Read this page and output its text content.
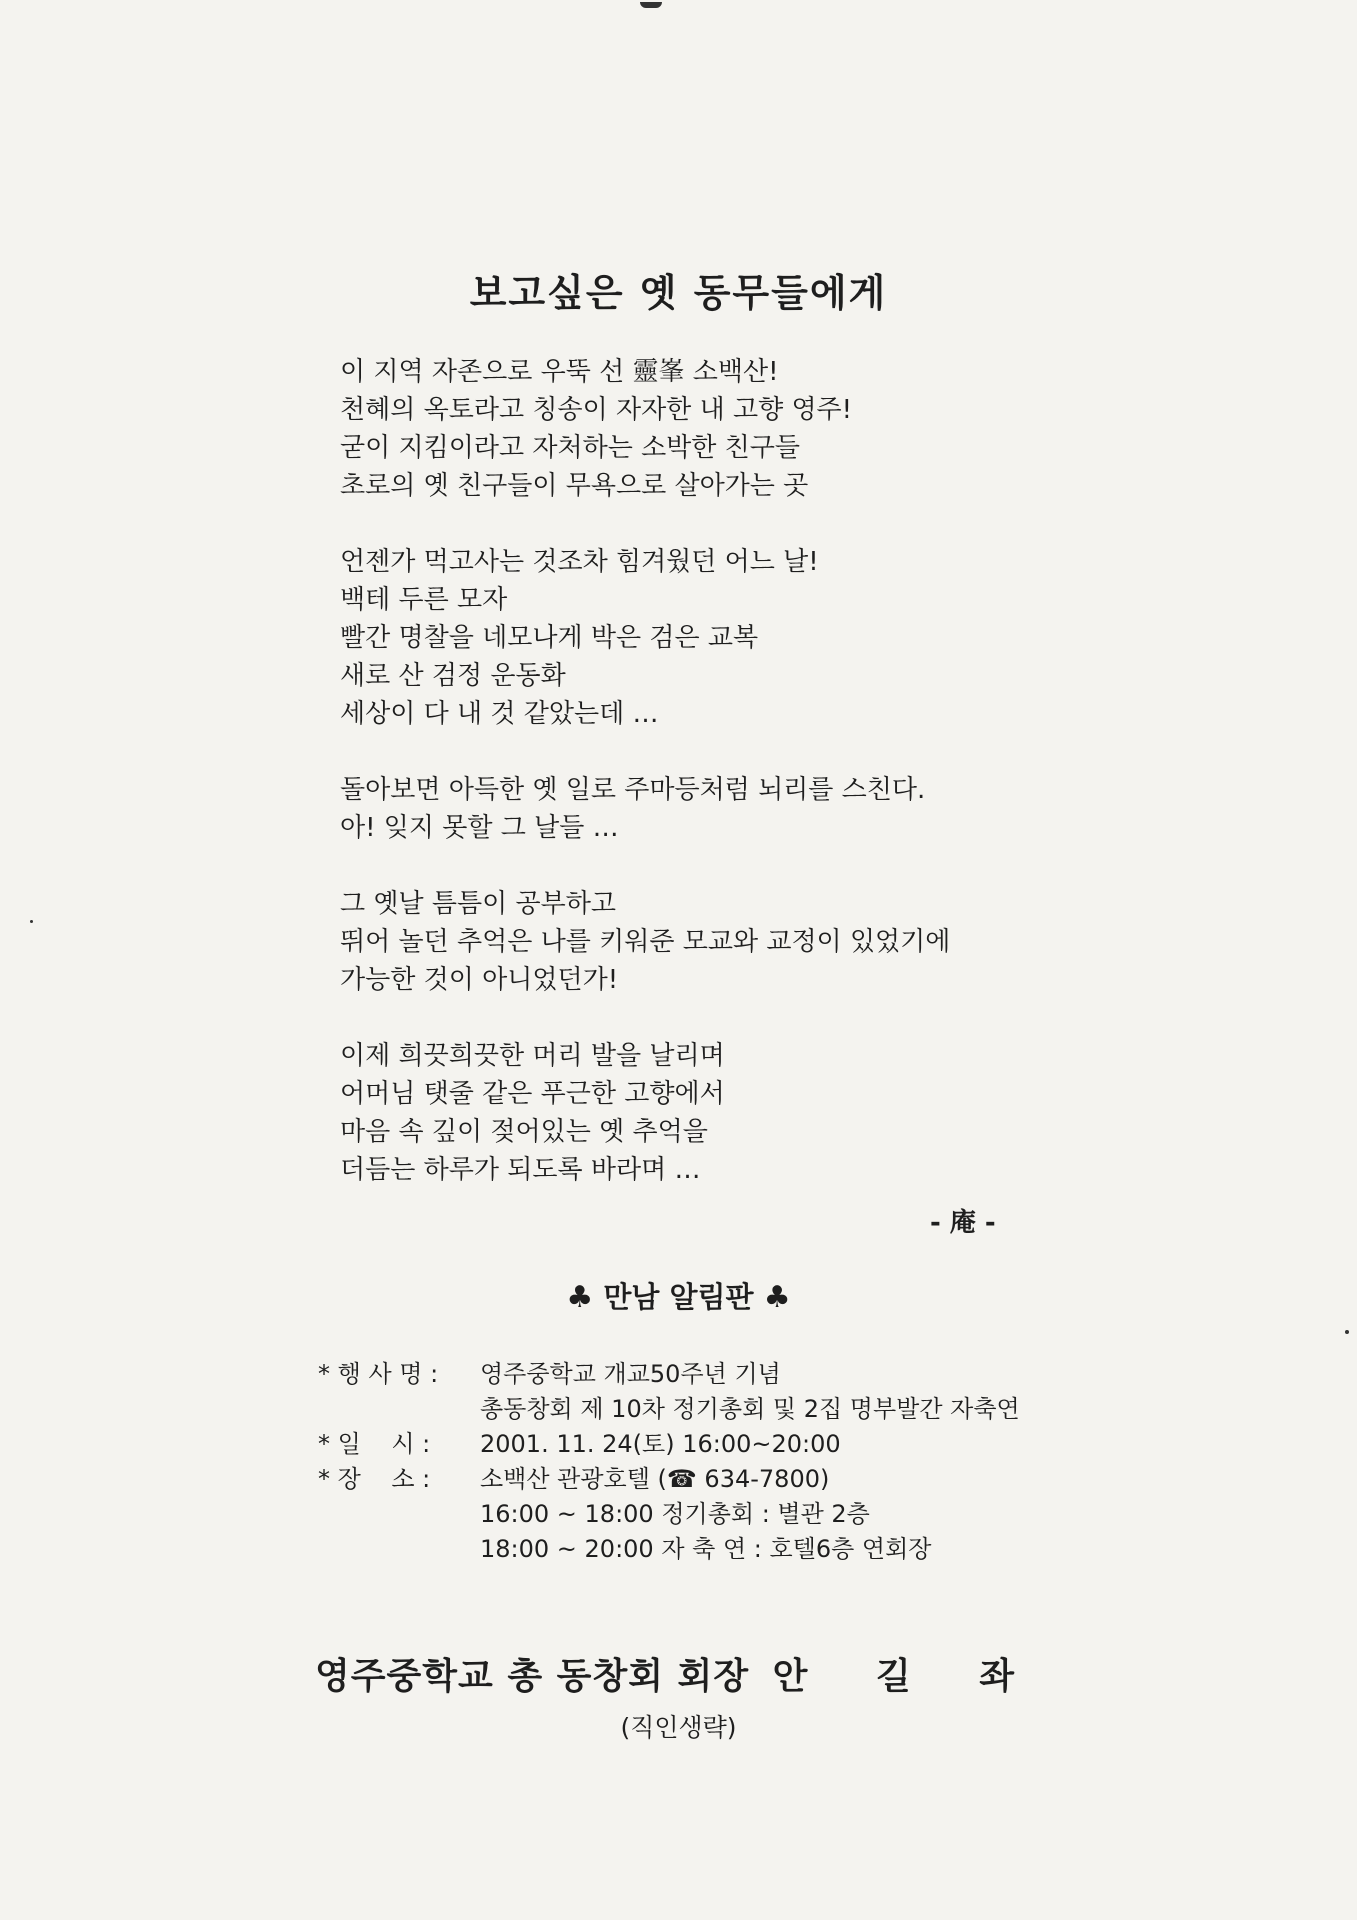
보고싶은 옛 동무들에게
이 지역 자존으로 우뚝 선 靈峯 소백산!
천혜의 옥토라고 칭송이 자자한 내 고향 영주!
굳이 지킴이라고 자처하는 소박한 친구들
초로의 옛 친구들이 무욕으로 살아가는 곳
언젠가 먹고사는 것조차 힘겨웠던 어느 날!
백테 두른 모자
빨간 명찰을 네모나게 박은 검은 교복
새로 산 검정 운동화
세상이 다 내 것 같았는데 …
돌아보면 아득한 옛 일로 주마등처럼 뇌리를 스친다.
아! 잊지 못할 그 날들 …
그 옛날 틈틈이 공부하고
뛰어 놀던 추억은 나를 키워준 모교와 교정이 있었기에
가능한 것이 아니었던가!
이제 희끗희끗한 머리 발을 날리며
어머님 탯줄 같은 푸근한 고향에서
마음 속 깊이 젖어있는 옛 추억을
더듬는 하루가 되도록 바라며 …
- 庵 -
♣ 만남 알림판 ♣
* 행 사 명 : 영주중학교 개교50주년 기념
총동창회 제 10차 정기총회 및 2집 명부발간 자축연
* 일    시 : 2001. 11. 24(토) 16:00~20:00
* 장    소 : 소백산 관광호텔 (☎ 634-7800)
16:00 ~ 18:00 정기총회 : 별관 2층
18:00 ~ 20:00 자 축 연 : 호텔6층 연회장
영주중학교 총 동창회 회장 안 길 좌
(직인생략)
